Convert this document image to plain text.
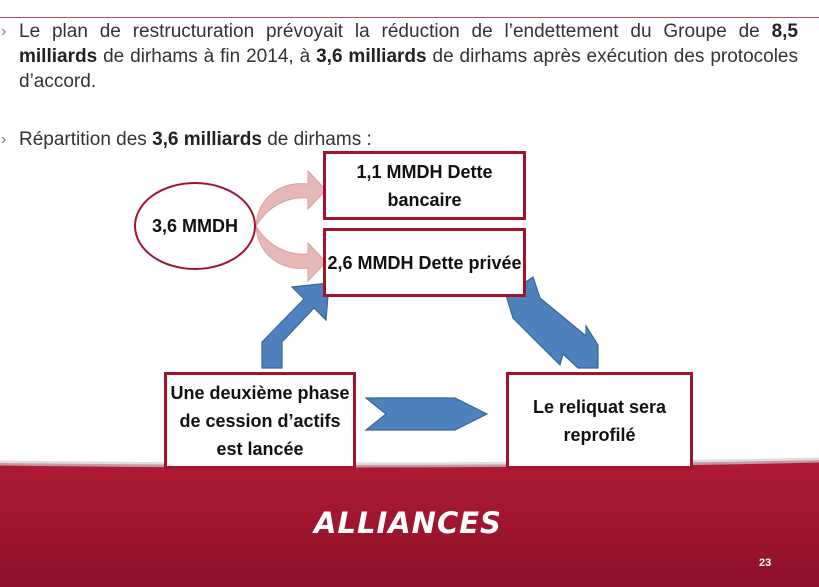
› Le plan de restructuration prévoyait la réduction de l’endettement du Groupe de 8,5 milliards de dirhams à fin 2014, à 3,6 milliards de dirhams après exécution des protocoles d’accord.
› Répartition des 3,6 milliards de dirhams :
3,6 MMDH
1,1 MMDH Dette bancaire
2,6 MMDH Dette privée
Une deuxième phase de cession d’actifs est lancée
Le reliquat sera reprofilé
ALLIANCES
23
